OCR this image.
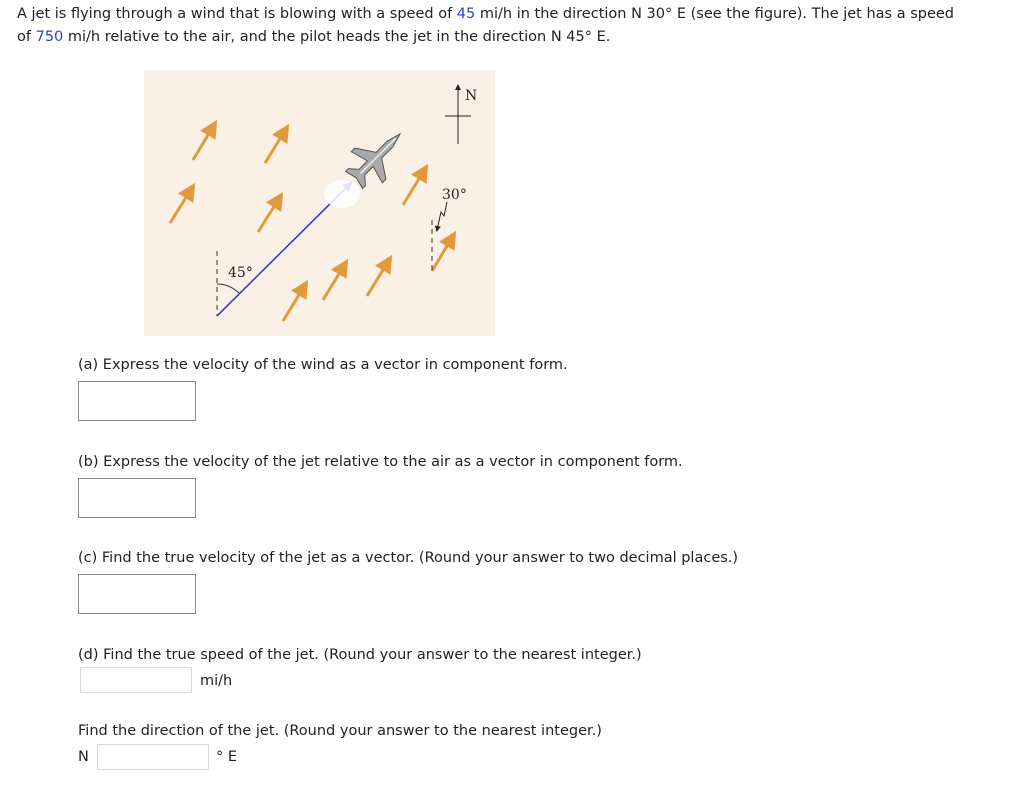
A jet is flying through a wind that is blowing with a speed of 45 mi/h in the direction N 30° E (see the figure). The jet has a speed
of 750 mi/h relative to the air, and the pilot heads the jet in the direction N 45° E.
45°
30°
N
(a) Express the velocity of the wind as a vector in component form.
(b) Express the velocity of the jet relative to the air as a vector in component form.
(c) Find the true velocity of the jet as a vector. (Round your answer to two decimal places.)
(d) Find the true speed of the jet. (Round your answer to the nearest integer.)
mi/h
Find the direction of the jet. (Round your answer to the nearest integer.)
N	° E
